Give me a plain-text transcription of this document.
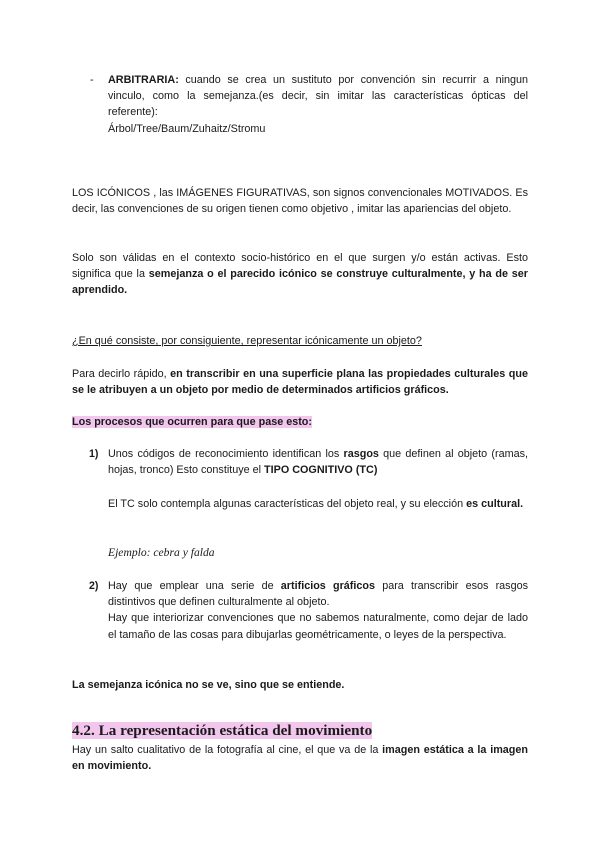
- ARBITRARIA: cuando se crea un sustituto por convención sin recurrir a ningun vinculo, como la semejanza.(es decir, sin imitar las características ópticas del referente):

Árbol/Tree/Baum/Zuhaitz/Stromu

LOS ICÓNICOS , las IMÁGENES FIGURATIVAS, son signos convencionales MOTIVADOS. Es decir, las convenciones de su origen tienen como objetivo , imitar las apariencias del objeto.

Solo son válidas en el contexto socio-histórico en el que surgen y/o están activas. Esto significa que la semejanza o el parecido icónico se construye culturalmente, y ha de ser aprendido.

¿En qué consiste, por consiguiente, representar icónicamente un objeto?

Para decirlo rápido, en transcribir en una superficie plana las propiedades culturales que se le atribuyen a un objeto por medio de determinados artificios gráficos.

Los procesos que ocurren para que pase esto:

1) Unos códigos de reconocimiento identifican los rasgos que definen al objeto (ramas, hojas, tronco) Esto constituye el TIPO COGNITIVO (TC)

El TC solo contempla algunas características del objeto real, y su elección es cultural.

Ejemplo: cebra y falda

2) Hay que emplear una serie de artificios gráficos para transcribir esos rasgos distintivos que definen culturalmente al objeto.

Hay que interiorizar convenciones que no sabemos naturalmente, como dejar de lado el tamaño de las cosas para dibujarlas geométricamente, o leyes de la perspectiva.

La semejanza icónica no se ve, sino que se entiende.

4.2. La representación estática del movimiento

Hay un salto cualitativo de la fotografía al cine, el que va de la imagen estática a la imagen en movimiento.
